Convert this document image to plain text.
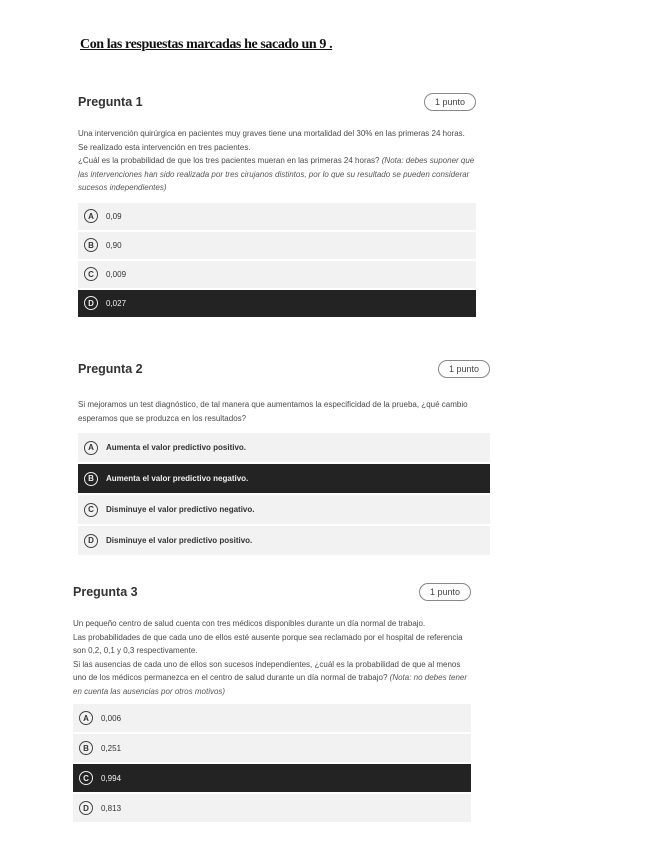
Con las respuestas marcadas he sacado un 9 .
Pregunta 1	1 punto

Una intervención quirúrgica en pacientes muy graves tiene una mortalidad del 30% en las primeras 24 horas.

Se realizado esta intervención en tres pacientes.

¿Cuál es la probabilidad de que los tres pacientes mueran en las primeras 24 horas? (Nota: debes suponer que las intervenciones han sido realizada por tres cirujanos distintos, por lo que su resultado se pueden considerar sucesos independientes)

A	0,09
B	0,90
C	0,009
D	0,027
Pregunta 2	1 punto

Si mejoramos un test diagnóstico, de tal manera que aumentamos la especificidad de la prueba, ¿qué cambio esperamos que se produzca en los resultados?

A	Aumenta el valor predictivo positivo.
B	Aumenta el valor predictivo negativo.
C	Disminuye el valor predictivo negativo.
D	Disminuye el valor predictivo positivo.
Pregunta 3	1 punto

Un pequeño centro de salud cuenta con tres médicos disponibles durante un día normal de trabajo.

Las probabilidades de que cada uno de ellos esté ausente porque sea reclamado por el hospital de referencia son 0,2, 0,1 y 0,3 respectivamente.

Si las ausencias de cada uno de ellos son sucesos independientes, ¿cuál es la probabilidad de que al menos uno de los médicos permanezca en el centro de salud durante un día normal de trabajo? (Nota: no debes tener en cuenta las ausencias por otros motivos)

A	0,006
B	0,251
C	0,994
D	0,813
